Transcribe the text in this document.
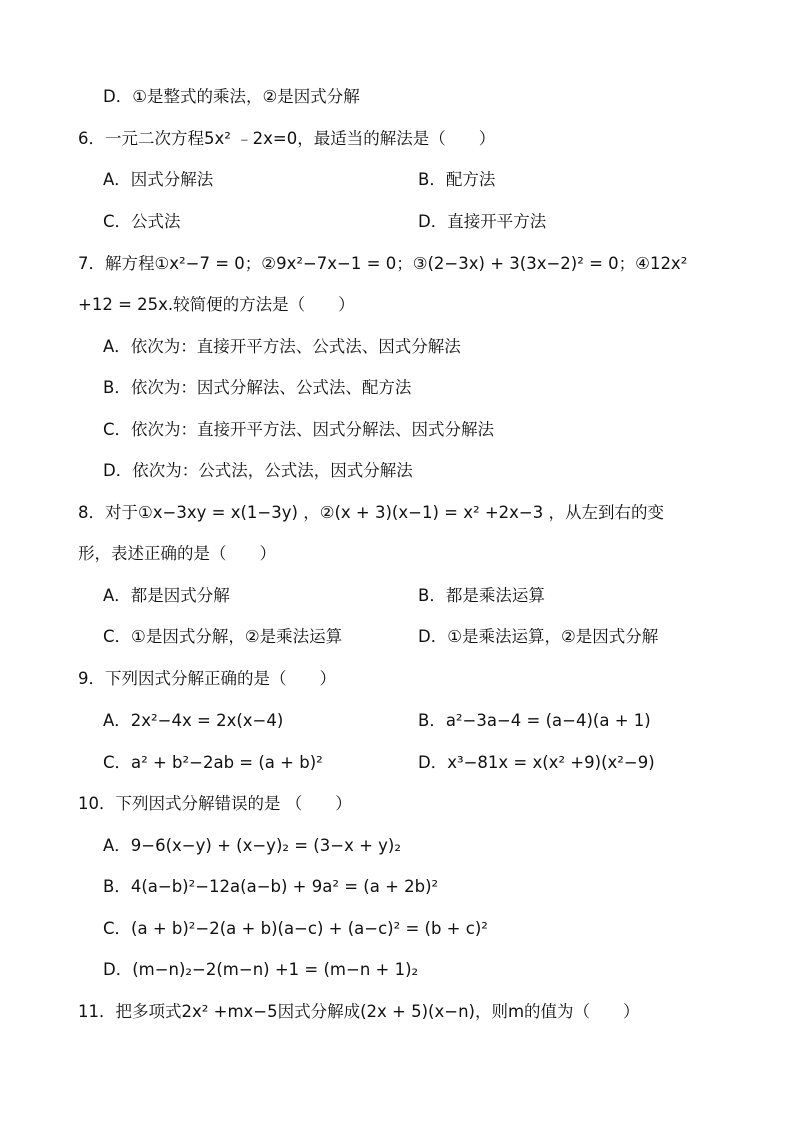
D．①是整式的乘法，②是因式分解
6．一元二次方程5x² ﹣2x=0，最适当的解法是（　　）
A．因式分解法	B．配方法
C．公式法	D．直接开平方法
7．解方程①x²−7 = 0；②9x²−7x−1 = 0；③(2−3x) + 3(3x−2)² = 0；④12x²
+12 = 25x.较简便的方法是（　　）
A．依次为：直接开平方法、公式法、因式分解法
B．依次为：因式分解法、公式法、配方法
C．依次为：直接开平方法、因式分解法、因式分解法
D．依次为：公式法，公式法，因式分解法
8．对于①x−3xy = x(1−3y) ，②(x + 3)(x−1) = x² +2x−3 ，从左到右的变
形，表述正确的是（　　）
A．都是因式分解	B．都是乘法运算
C．①是因式分解，②是乘法运算	D．①是乘法运算，②是因式分解
9．下列因式分解正确的是（　　）
A．2x²−4x = 2x(x−4)	B．a²−3a−4 = (a−4)(a + 1)
C．a² + b²−2ab = (a + b)²	D．x³−81x = x(x² +9)(x²−9)
10．下列因式分解错误的是 （　　）
A．9−6(x−y) + (x−y)₂ = (3−x + y)₂
B．4(a−b)²−12a(a−b) + 9a² = (a + 2b)²
C．(a + b)²−2(a + b)(a−c) + (a−c)² = (b + c)²
D．(m−n)₂−2(m−n) +1 = (m−n + 1)₂
11．把多项式2x² +mx−5因式分解成(2x + 5)(x−n)，则m的值为（　　）
